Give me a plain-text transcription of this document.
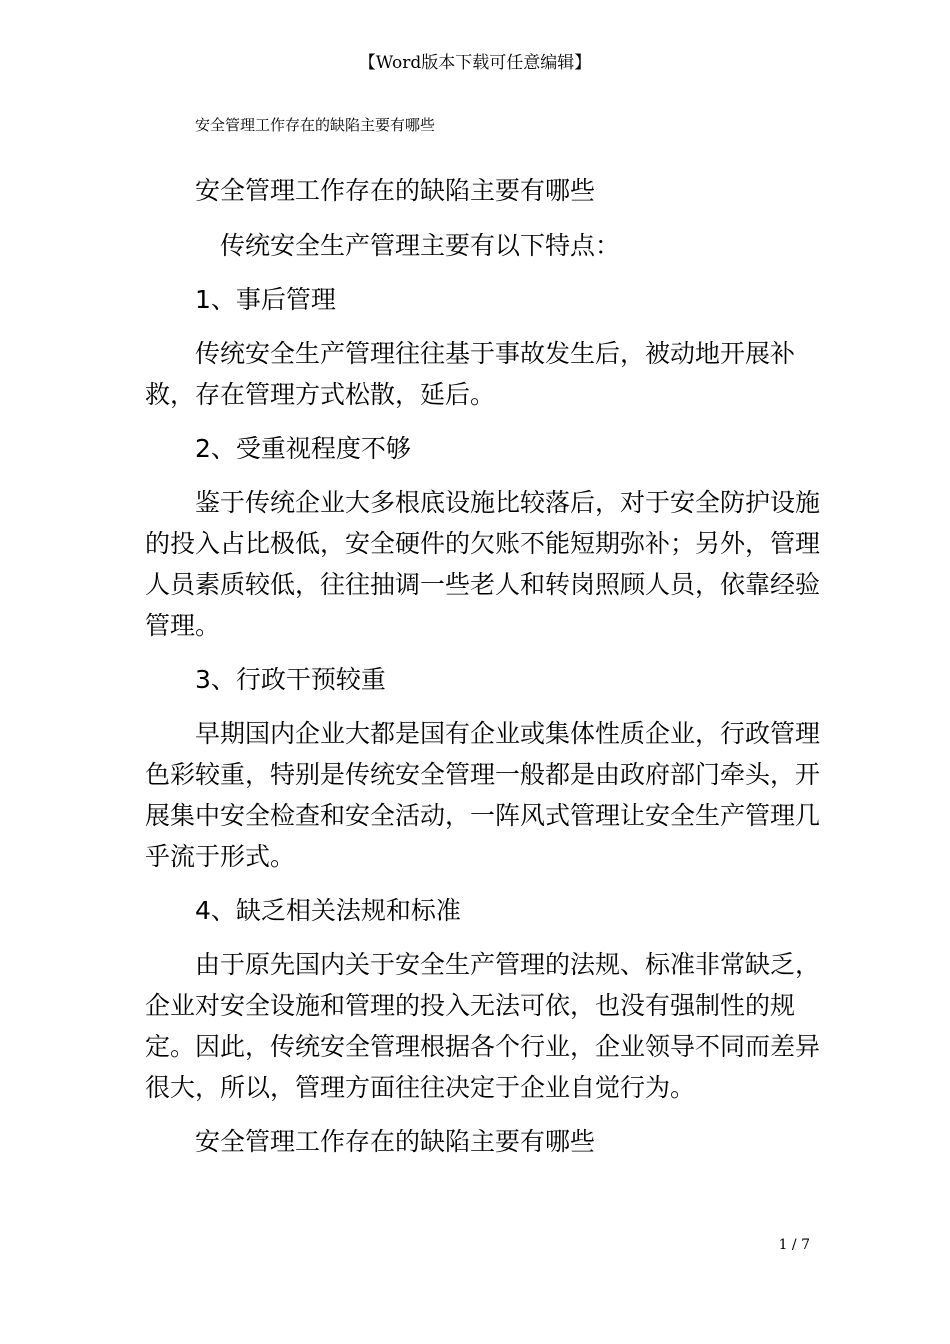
【Word版本下载可任意编辑】
安全管理工作存在的缺陷主要有哪些

安全管理工作存在的缺陷主要有哪些

传统安全生产管理主要有以下特点：

1、事后管理

传统安全生产管理往往基于事故发生后，被动地开展补救，存在管理方式松散，延后。

2、受重视程度不够

鉴于传统企业大多根底设施比较落后，对于安全防护设施的投入占比极低，安全硬件的欠账不能短期弥补；另外，管理人员素质较低，往往抽调一些老人和转岗照顾人员，依靠经验管理。

3、行政干预较重

早期国内企业大都是国有企业或集体性质企业，行政管理色彩较重，特别是传统安全管理一般都是由政府部门牵头，开展集中安全检查和安全活动，一阵风式管理让安全生产管理几乎流于形式。

4、缺乏相关法规和标准

由于原先国内关于安全生产管理的法规、标准非常缺乏，企业对安全设施和管理的投入无法可依，也没有强制性的规定。因此，传统安全管理根据各个行业，企业领导不同而差异很大，所以，管理方面往往决定于企业自觉行为。

安全管理工作存在的缺陷主要有哪些

1 / 7
